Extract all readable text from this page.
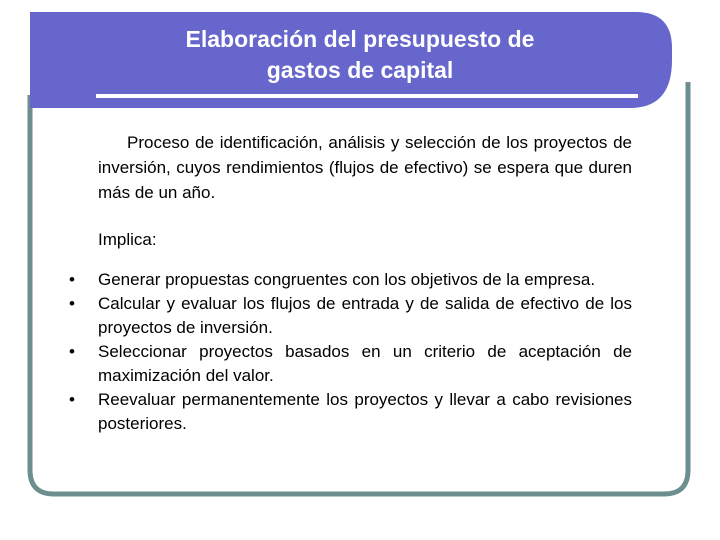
Elaboración del presupuesto de
gastos de capital

Proceso de identificación, análisis y selección de los proyectos de inversión, cuyos rendimientos (flujos de efectivo) se espera que duren más de un año.

Implica:

• Generar propuestas congruentes con los objetivos de la empresa.
• Calcular y evaluar los flujos de entrada y de salida de efectivo de los proyectos de inversión.
• Seleccionar proyectos basados en un criterio de aceptación de maximización del valor.
• Reevaluar permanentemente los proyectos y llevar a cabo revisiones posteriores.
